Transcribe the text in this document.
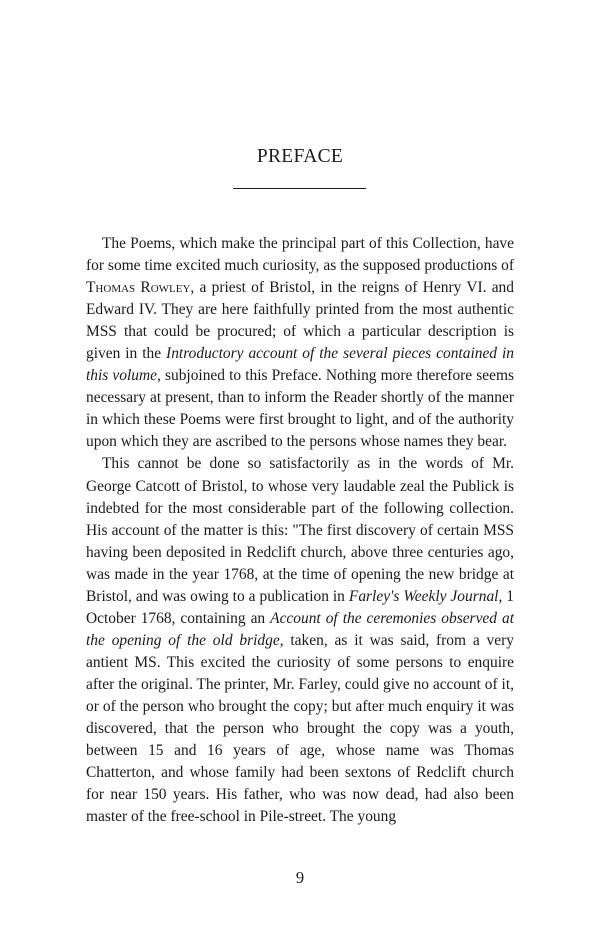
PREFACE

The Poems, which make the principal part of this Collection, have for some time excited much curiosity, as the supposed productions of Thomas Rowley, a priest of Bristol, in the reigns of Henry VI. and Edward IV. They are here faithfully printed from the most authentic MSS that could be procured; of which a particular description is given in the Introductory account of the several pieces contained in this volume, subjoined to this Preface. Nothing more therefore seems necessary at present, than to inform the Reader shortly of the manner in which these Poems were first brought to light, and of the authority upon which they are ascribed to the persons whose names they bear.

This cannot be done so satisfactorily as in the words of Mr. George Catcott of Bristol, to whose very laudable zeal the Publick is indebted for the most considerable part of the following collection. His account of the matter is this: "The first discovery of certain MSS having been deposited in Redclift church, above three centuries ago, was made in the year 1768, at the time of opening the new bridge at Bristol, and was owing to a publication in Farley's Weekly Journal, 1 October 1768, containing an Account of the ceremonies observed at the opening of the old bridge, taken, as it was said, from a very antient MS. This excited the curiosity of some persons to enquire after the original. The printer, Mr. Farley, could give no account of it, or of the person who brought the copy; but after much enquiry it was discovered, that the person who brought the copy was a youth, between 15 and 16 years of age, whose name was Thomas Chatterton, and whose family had been sextons of Redclift church for near 150 years. His father, who was now dead, had also been master of the free-school in Pile-street. The young

9
